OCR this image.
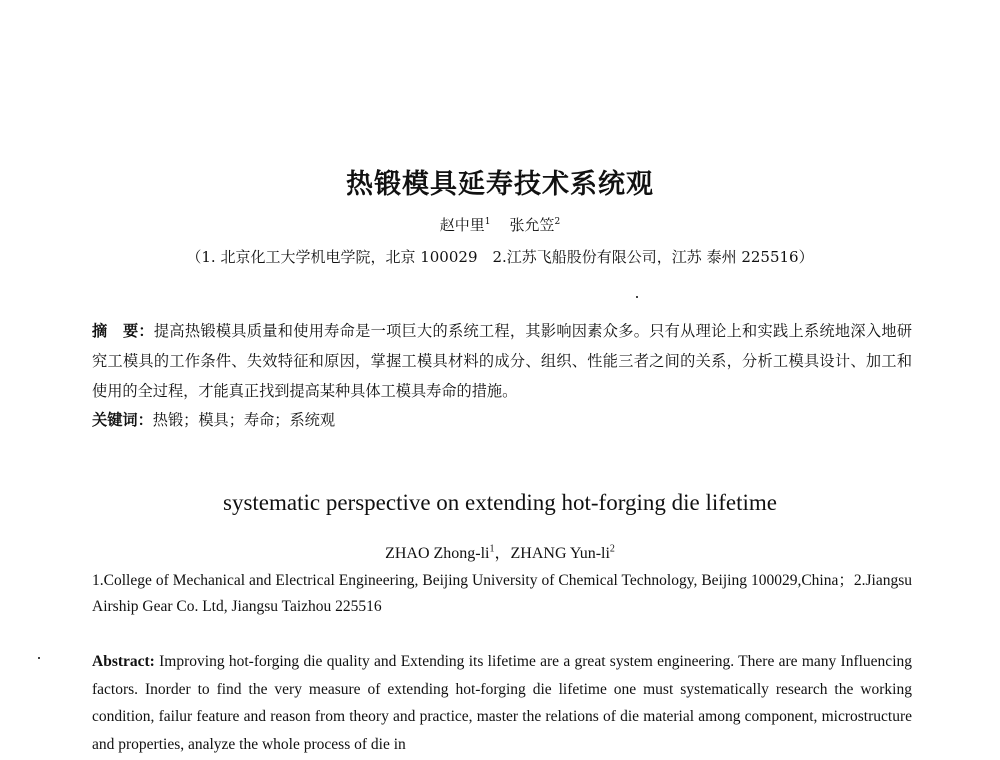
热锻模具延寿技术系统观
赵中里$^1$ 张允笠$^2$
（1. 北京化工大学机电学院，北京 100029　2.江苏飞船股份有限公司，江苏 泰州 225516）
摘　要：提高热锻模具质量和使用寿命是一项巨大的系统工程，其影响因素众多。只有从理论上和实践上系统地深入地研究工模具的工作条件、失效特征和原因，掌握工模具材料的成分、组织、性能三者之间的关系，分析工模具设计、加工和使用的全过程，才能真正找到提高某种具体工模具寿命的措施。
关键词：热锻；模具；寿命；系统观
systematic perspective on extending hot-forging die lifetime
ZHAO Zhong-$li^1$，ZHANG Yun-$li^2$
1.College of Mechanical and Electrical Engineering, Beijing University of Chemical Technology, Beijing 100029,China；2.Jiangsu Airship Gear Co. Ltd, Jiangsu Taizhou 225516
Abstract: Improving hot-forging die quality and Extending its lifetime are a great system engineering. There are many Influencing factors. Inorder to find the very measure of extending hot-forging die lifetime one must systematically research the working condition, failur feature and reason from theory and practice, master the relations of die material among component, microstructure and properties, analyze the whole process of die in
